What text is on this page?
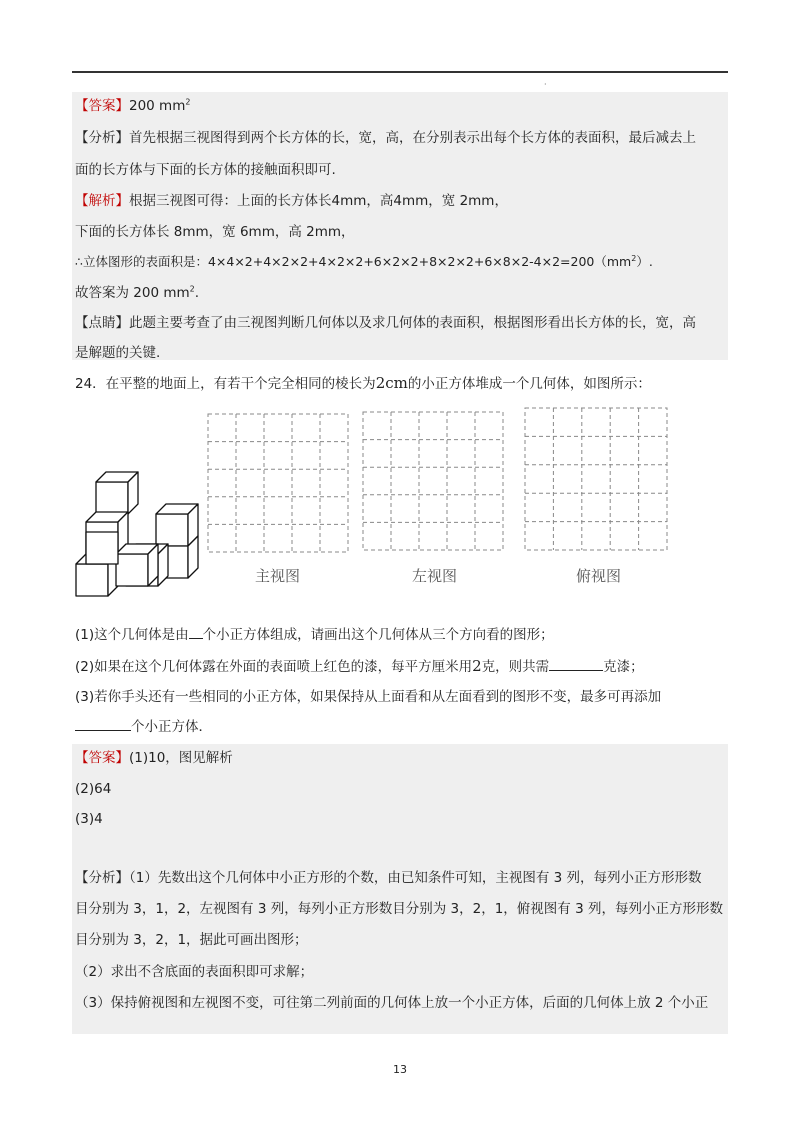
·
【答案】200 $mm^2$
【分析】首先根据三视图得到两个长方体的长，宽，高，在分别表示出每个长方体的表面积，最后减去上
面的长方体与下面的长方体的接触面积即可.
【解析】根据三视图可得：上面的长方体长4mm，高4mm，宽 2mm，
下面的长方体长 8mm，宽 6mm，高 2mm，
∴立体图形的表面积是：$4\times 4\times 2+4\times 2\times 2+4\times 2\times 2+6\times 2\times 2+8\times 2\times 2+6\times 8\times 2-4\times 2=200(mm^2)$.
故答案为 200 $mm^2$.
【点睛】此题主要考查了由三视图判断几何体以及求几何体的表面积，根据图形看出长方体的长，宽，高
是解题的关键.
24．在平整的地面上，有若干个完全相同的棱长为2cm的小正方体堆成一个几何体，如图所示：
主视图	左视图	俯视图
(1)这个几何体是由 个小正方体组成，请画出这个几何体从三个方向看的图形；
(2)如果在这个几何体露在外面的表面喷上红色的漆，每平方厘米用2克，则共需	克漆；
(3)若你手头还有一些相同的小正方体，如果保持从上面看和从左面看到的图形不变，最多可再添加
个小正方体．
【答案】(1)10，图见解析
(2)64
(3)4
【分析】（1）先数出这个几何体中小正方形的个数，由已知条件可知，主视图有 3 列，每列小正方形形数
目分别为 3，1，2，左视图有 3 列，每列小正方形数目分别为 3，2，1，俯视图有 3 列，每列小正方形形数
目分别为 3，2，1，据此可画出图形；
（2）求出不含底面的表面积即可求解；
（3）保持俯视图和左视图不变，可往第二列前面的几何体上放一个小正方体，后面的几何体上放 2 个小正
13
